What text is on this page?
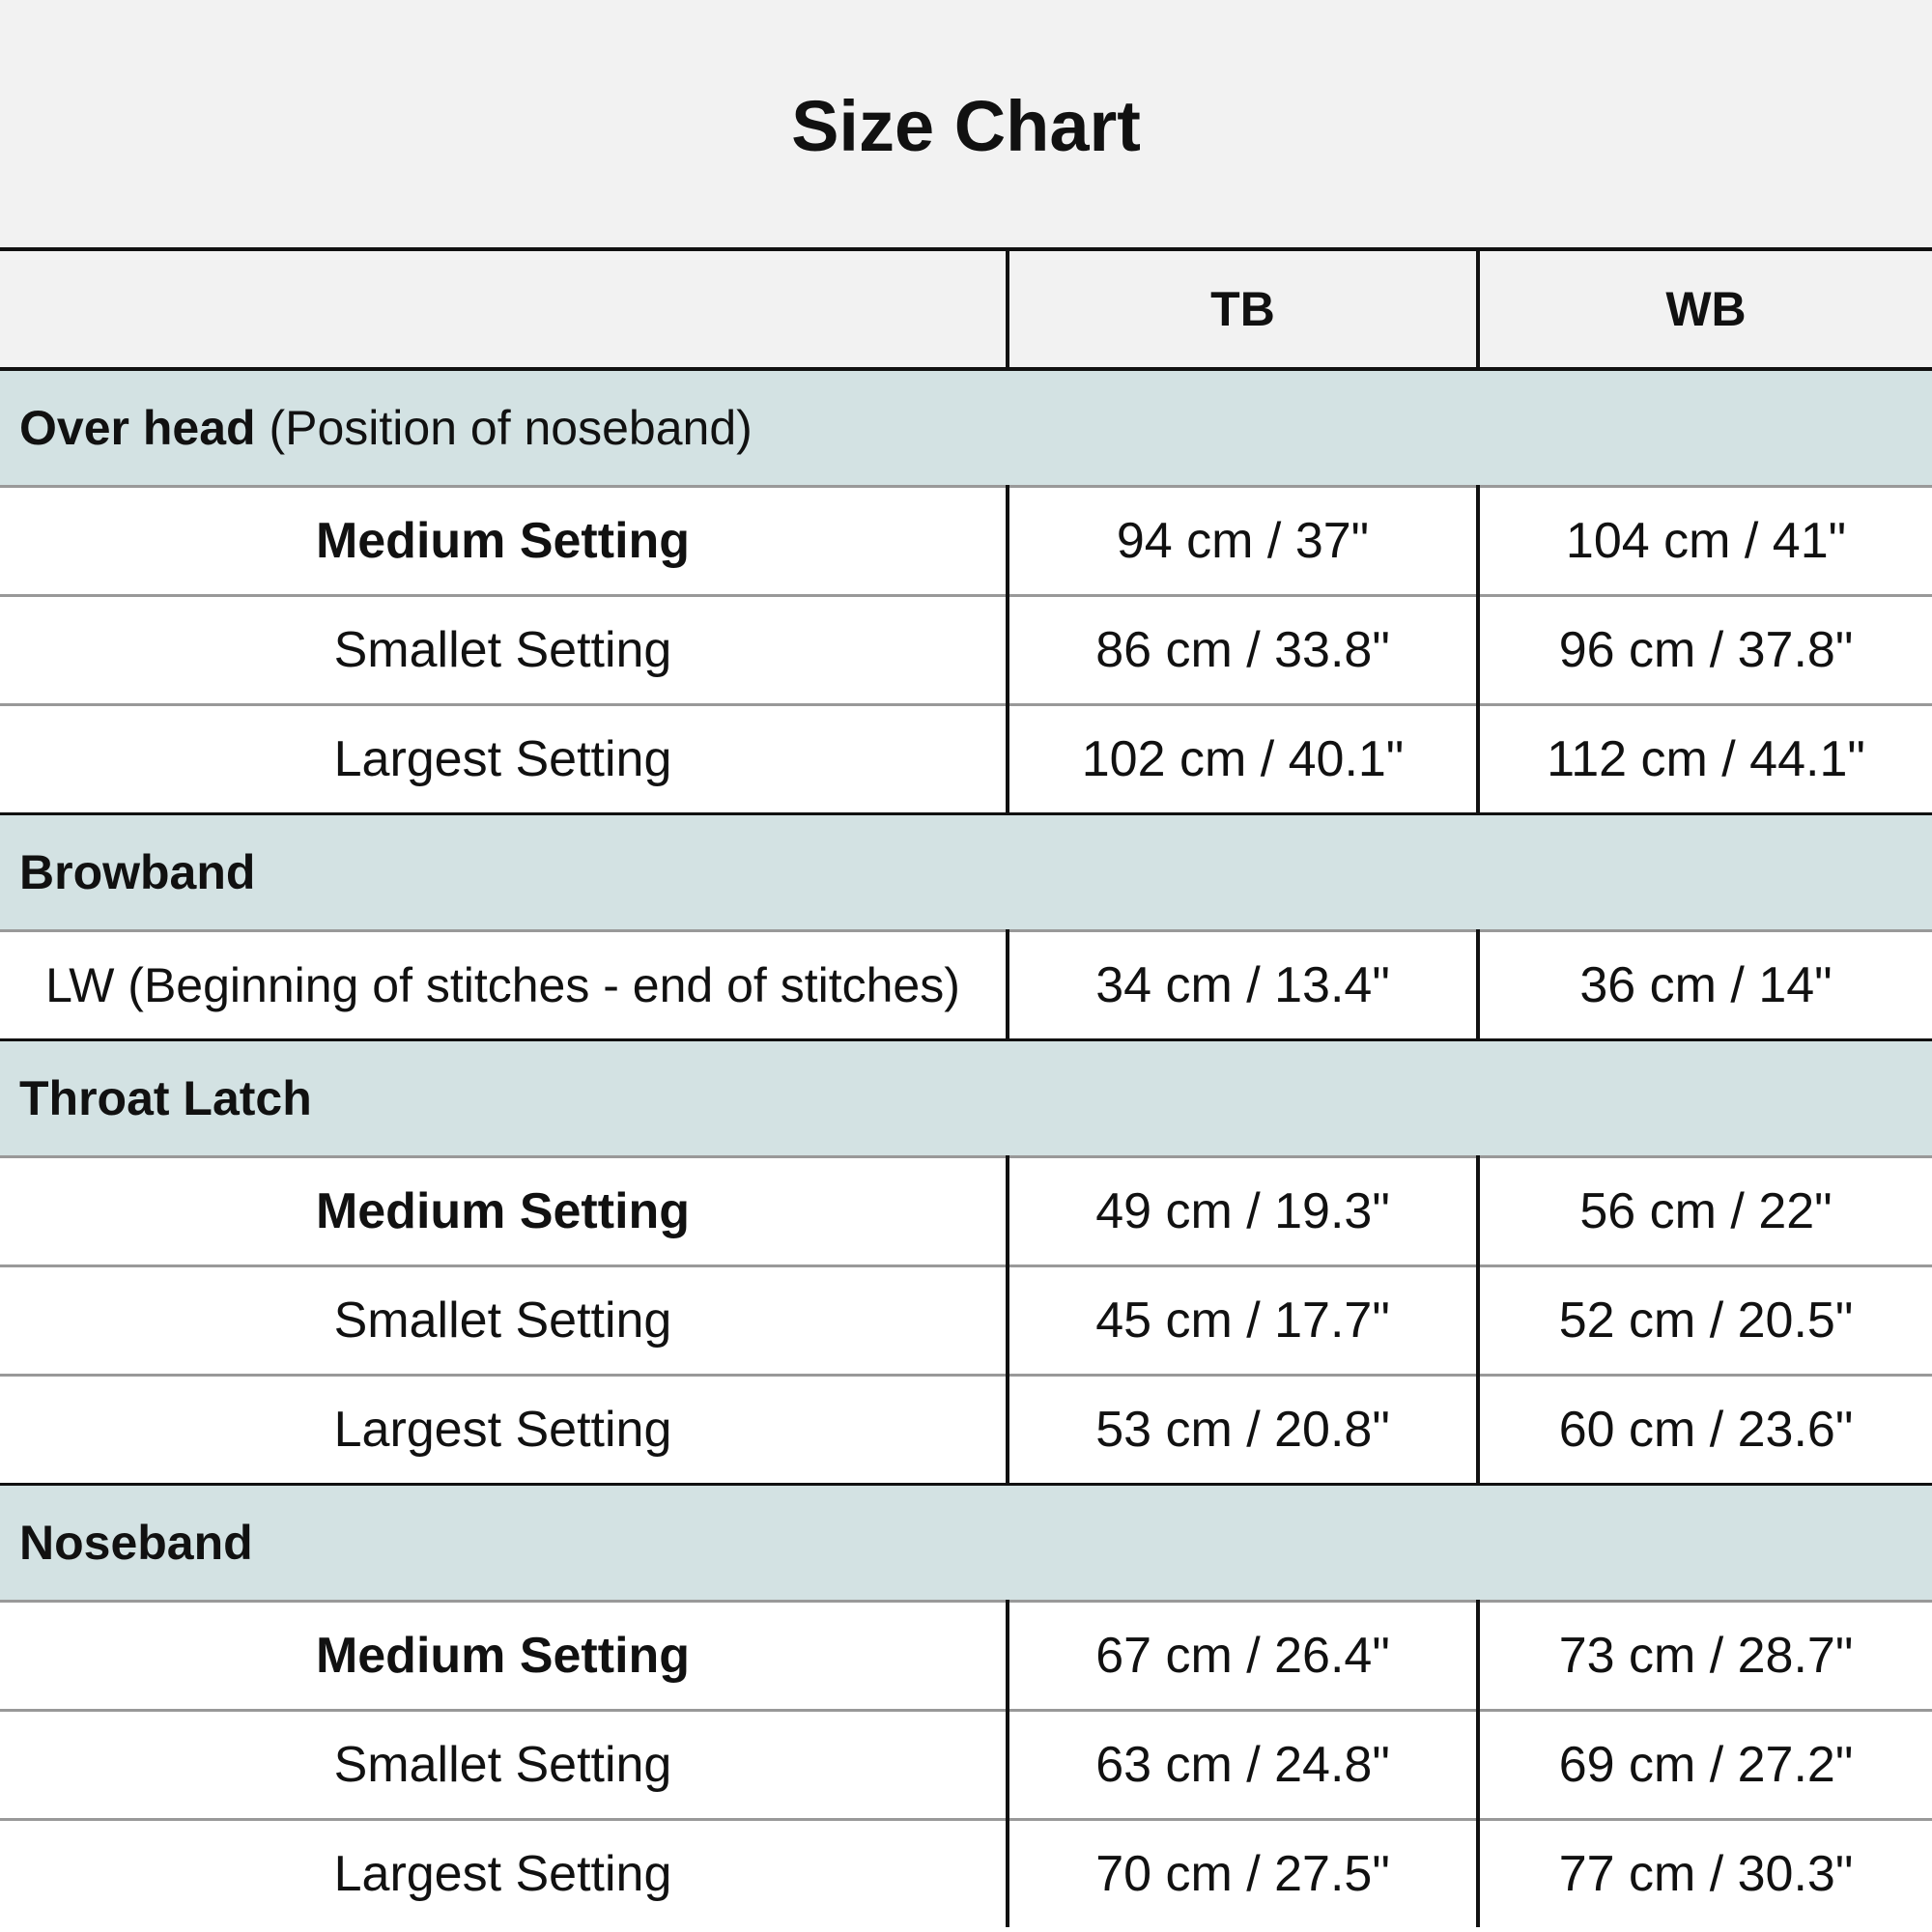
Size Chart
	TB	WB
Over head (Position of noseband)		
Medium Setting	94 cm / 37"	104 cm / 41"
Smallet Setting	86 cm / 33.8"	96 cm / 37.8"
Largest Setting	102 cm / 40.1"	112 cm / 44.1"
Browband		
LW (Beginning of stitches - end of stitches)	34 cm / 13.4"	36 cm / 14"
Throat Latch		
Medium Setting	49 cm / 19.3"	56 cm / 22"
Smallet Setting	45 cm / 17.7"	52 cm / 20.5"
Largest Setting	53 cm / 20.8"	60 cm / 23.6"
Noseband		
Medium Setting	67 cm / 26.4"	73 cm / 28.7"
Smallet Setting	63 cm / 24.8"	69 cm / 27.2"
Largest Setting	70 cm / 27.5"	77 cm / 30.3"
